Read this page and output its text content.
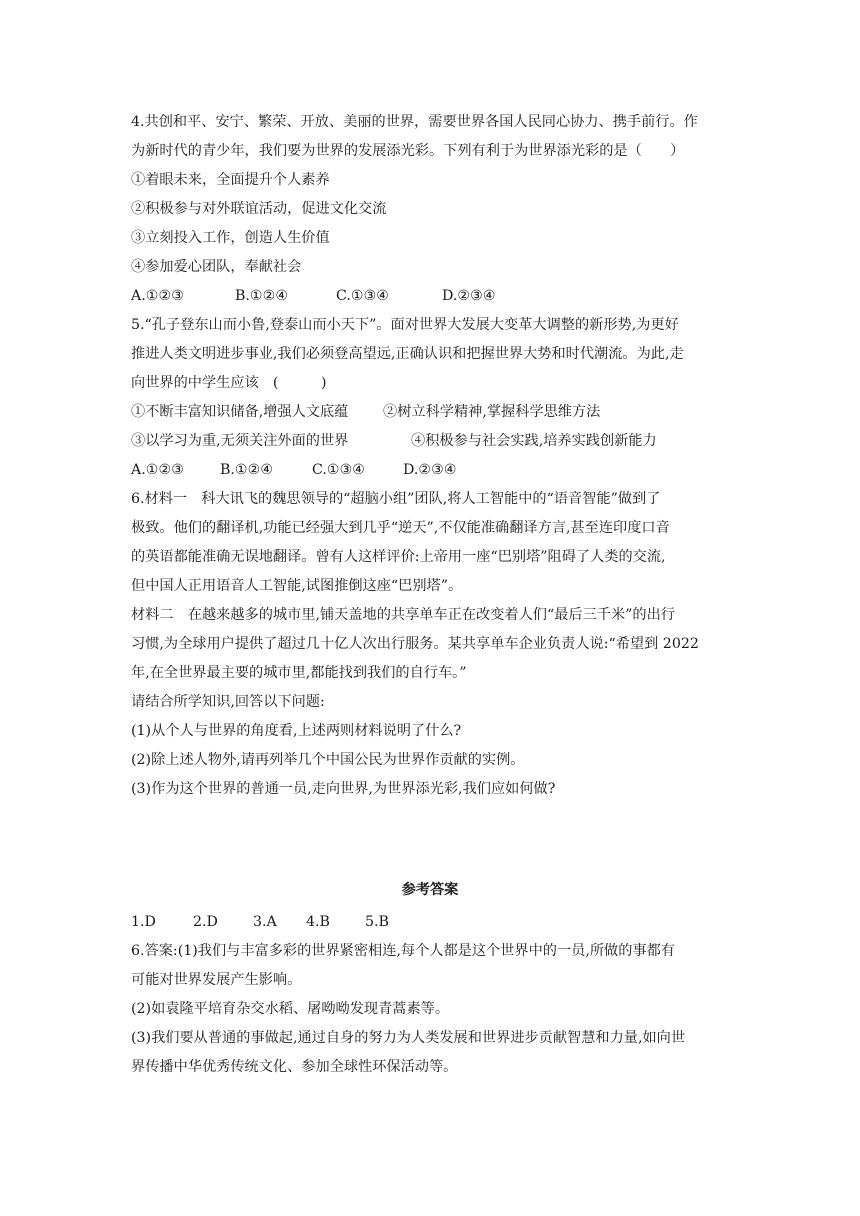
4.共创和平、安宁、繁荣、开放、美丽的世界，需要世界各国人民同心协力、携手前行。作
为新时代的青少年，我们要为世界的发展添光彩。下列有利于为世界添光彩的是（　　）
①着眼未来，全面提升个人素养
②积极参与对外联谊活动，促进文化交流
③立刻投入工作，创造人生价值
④参加爱心团队，奉献社会
A.①②③	B.①②④	C.①③④	D.②③④
5.“孔子登东山而小鲁,登泰山而小天下”。面对世界大发展大变革大调整的新形势,为更好
推进人类文明进步事业,我们必须登高望远,正确认识和把握世界大势和时代潮流。为此,走
向世界的中学生应该　(　　　)
①不断丰富知识储备,增强人文底蕴 ②树立科学精神,掌握科学思维方法
③以学习为重,无须关注外面的世界	④积极参与社会实践,培养实践创新能力
A.①②③	B.①②④	C.①③④	D.②③④
6.材料一　科大讯飞的魏思领导的“超脑小组”团队,将人工智能中的“语音智能”做到了
极致。他们的翻译机,功能已经强大到几乎“逆天”,不仅能准确翻译方言,甚至连印度口音
的英语都能准确无误地翻译。曾有人这样评价:上帝用一座“巴别塔”阻碍了人类的交流,
但中国人正用语音人工智能,试图推倒这座“巴别塔”。
材料二　在越来越多的城市里,铺天盖地的共享单车正在改变着人们“最后三千米”的出行
习惯,为全球用户提供了超过几十亿人次出行服务。某共享单车企业负责人说:“希望到 2022
年,在全世界最主要的城市里,都能找到我们的自行车。”
请结合所学知识,回答以下问题:
(1)从个人与世界的角度看,上述两则材料说明了什么?
(2)除上述人物外,请再列举几个中国公民为世界作贡献的实例。
(3)作为这个世界的普通一员,走向世界,为世界添光彩,我们应如何做?
参考答案
1.D	2.D 3.A 4.B 5.B
6.答案:(1)我们与丰富多彩的世界紧密相连,每个人都是这个世界中的一员,所做的事都有
可能对世界发展产生影响。
(2)如袁隆平培育杂交水稻、屠呦呦发现青蒿素等。
(3)我们要从普通的事做起,通过自身的努力为人类发展和世界进步贡献智慧和力量,如向世
界传播中华优秀传统文化、参加全球性环保活动等。
